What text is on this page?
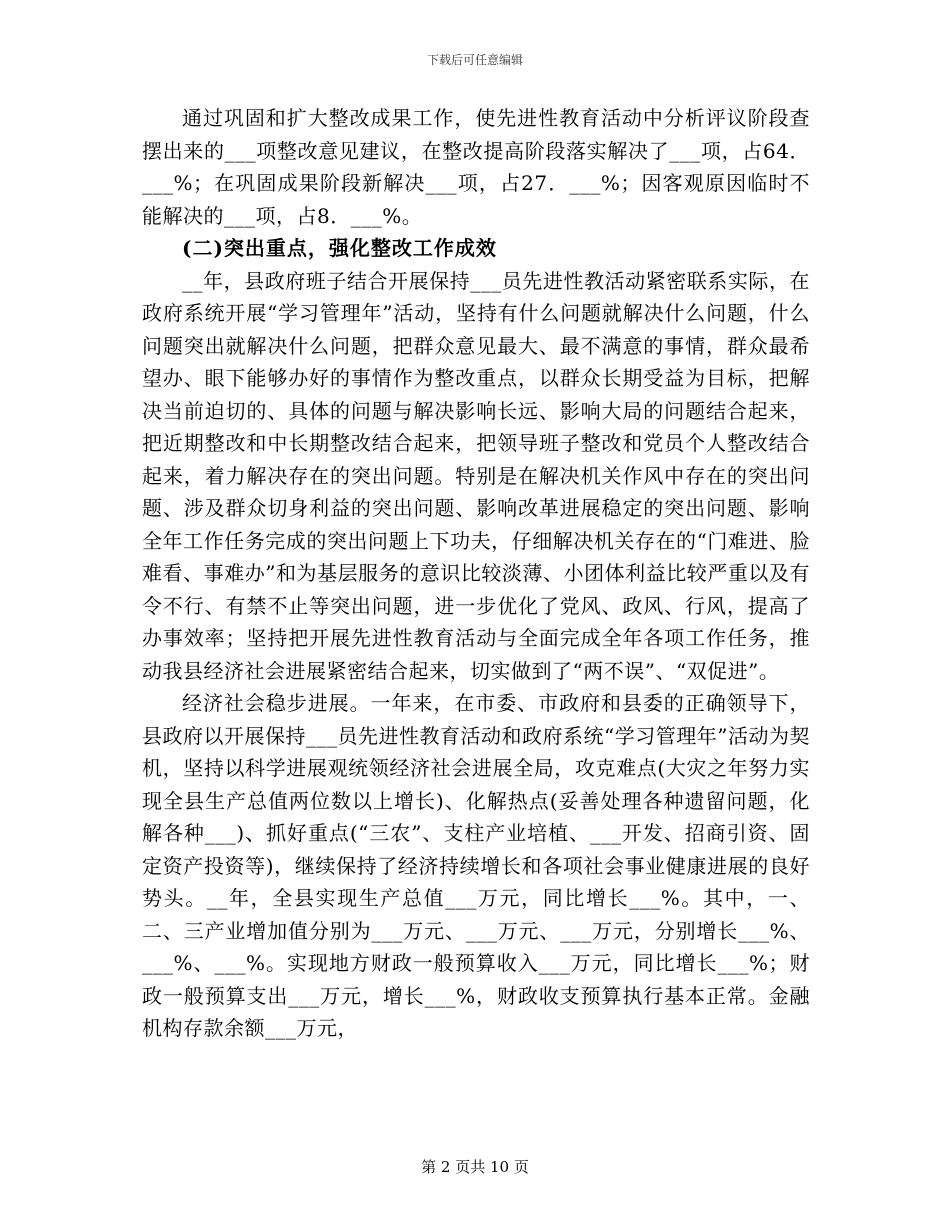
下载后可任意编辑

通过巩固和扩大整改成果工作，使先进性教育活动中分析评议阶段查摆出来的___项整改意见建议，在整改提高阶段落实解决了___项，占64．___%；在巩固成果阶段新解决___项，占27．___%；因客观原因临时不能解决的___项，占8．___%。

(二)突出重点，强化整改工作成效

__年，县政府班子结合开展保持___员先进性教活动紧密联系实际，在政府系统开展“学习管理年”活动，坚持有什么问题就解决什么问题，什么问题突出就解决什么问题，把群众意见最大、最不满意的事情，群众最希望办、眼下能够办好的事情作为整改重点，以群众长期受益为目标，把解决当前迫切的、具体的问题与解决影响长远、影响大局的问题结合起来，把近期整改和中长期整改结合起来，把领导班子整改和党员个人整改结合起来，着力解决存在的突出问题。特别是在解决机关作风中存在的突出问题、涉及群众切身利益的突出问题、影响改革进展稳定的突出问题、影响全年工作任务完成的突出问题上下功夫，仔细解决机关存在的“门难进、脸难看、事难办”和为基层服务的意识比较淡薄、小团体利益比较严重以及有令不行、有禁不止等突出问题，进一步优化了党风、政风、行风，提高了办事效率；坚持把开展先进性教育活动与全面完成全年各项工作任务，推动我县经济社会进展紧密结合起来，切实做到了“两不误”、“双促进”。

经济社会稳步进展。一年来，在市委、市政府和县委的正确领导下，县政府以开展保持___员先进性教育活动和政府系统“学习管理年”活动为契机，坚持以科学进展观统领经济社会进展全局，攻克难点(大灾之年努力实现全县生产总值两位数以上增长)、化解热点(妥善处理各种遗留问题，化解各种___)、抓好重点(“三农”、支柱产业培植、___开发、招商引资、固定资产投资等)，继续保持了经济持续增长和各项社会事业健康进展的良好势头。__年，全县实现生产总值___万元，同比增长___%。其中，一、二、三产业增加值分别为___万元、___万元、___万元，分别增长___%、___%、___%。实现地方财政一般预算收入___万元，同比增长___%；财政一般预算支出___万元，增长___%，财政收支预算执行基本正常。金融机构存款余额___万元，

第 2 页共 10 页
